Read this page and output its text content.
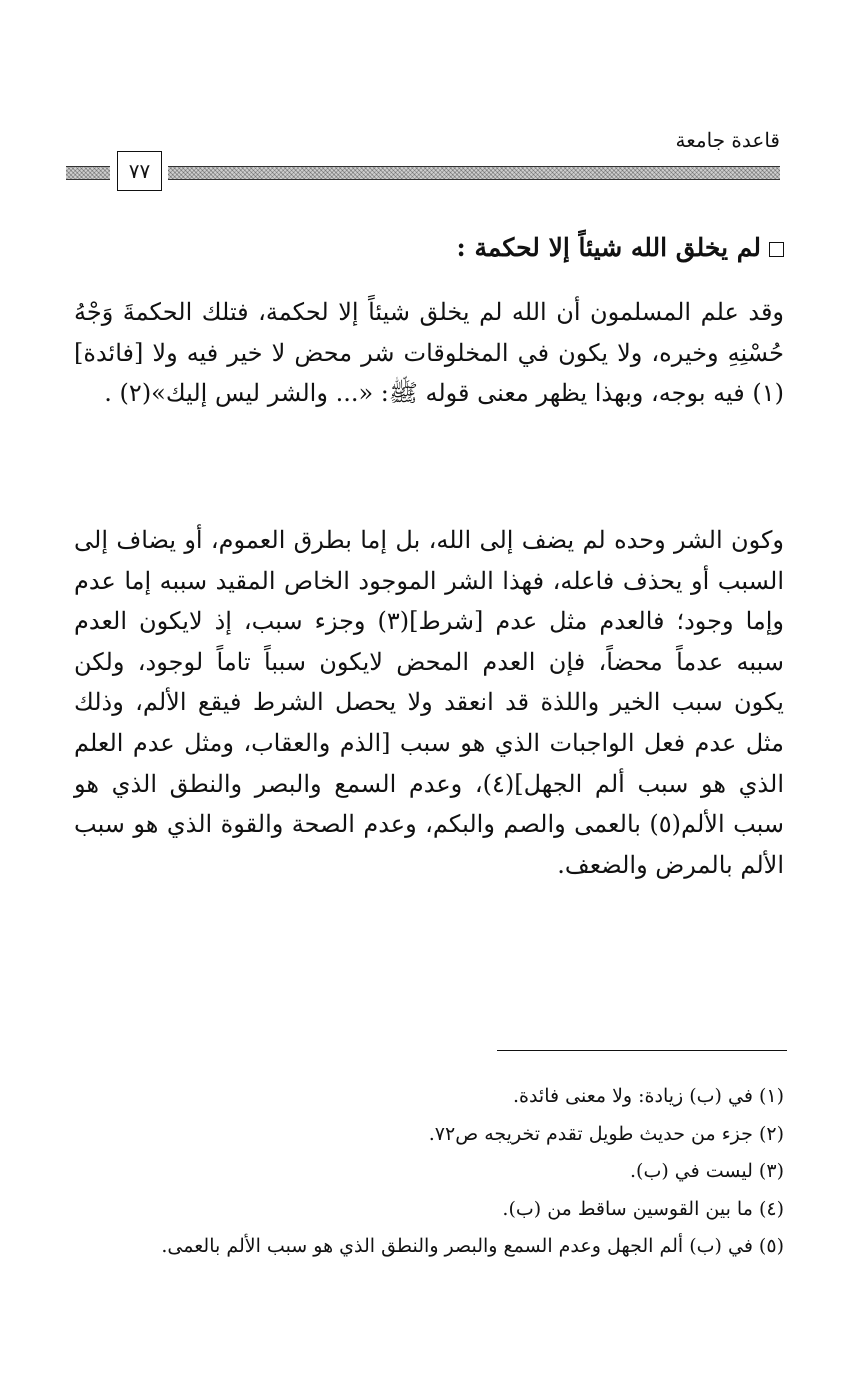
قاعدة جامعة
٧٧
لم يخلق الله شيئاً إلا لحكمة :
وقد علم المسلمون أن الله لم يخلق شيئاً إلا لحكمة، فتلك الحكمةَ وَجْهُ حُسْنِهِ وخيره، ولا يكون في المخلوقات شر محض لا خير فيه ولا [فائدة](١) فيه بوجه، وبهذا يظهر معنى قوله ﷺ: «... والشر ليس إليك»(٢) .
وكون الشر وحده لم يضف إلى الله، بل إما بطرق العموم، أو يضاف إلى السبب أو يحذف فاعله، فهذا الشر الموجود الخاص المقيد سببه إما عدم وإما وجود؛ فالعدم مثل عدم [شرط](٣) وجزء سبب، إذ لايكون العدم سببه عدماً محضاً، فإن العدم المحض لايكون سبباً تاماً لوجود، ولكن يكون سبب الخير واللذة قد انعقد ولا يحصل الشرط فيقع الألم، وذلك مثل عدم فعل الواجبات الذي هو سبب [الذم والعقاب، ومثل عدم العلم الذي هو سبب ألم الجهل](٤)، وعدم السمع والبصر والنطق الذي هو سبب الألم(٥) بالعمى والصم والبكم، وعدم الصحة والقوة الذي هو سبب الألم بالمرض والضعف.
(١) في (ب) زيادة: ولا معنى فائدة.
(٢) جزء من حديث طويل تقدم تخريجه ص٧٢.
(٣) ليست في (ب).
(٤) ما بين القوسين ساقط من (ب).
(٥) في (ب) ألم الجهل وعدم السمع والبصر والنطق الذي هو سبب الألم بالعمى.
